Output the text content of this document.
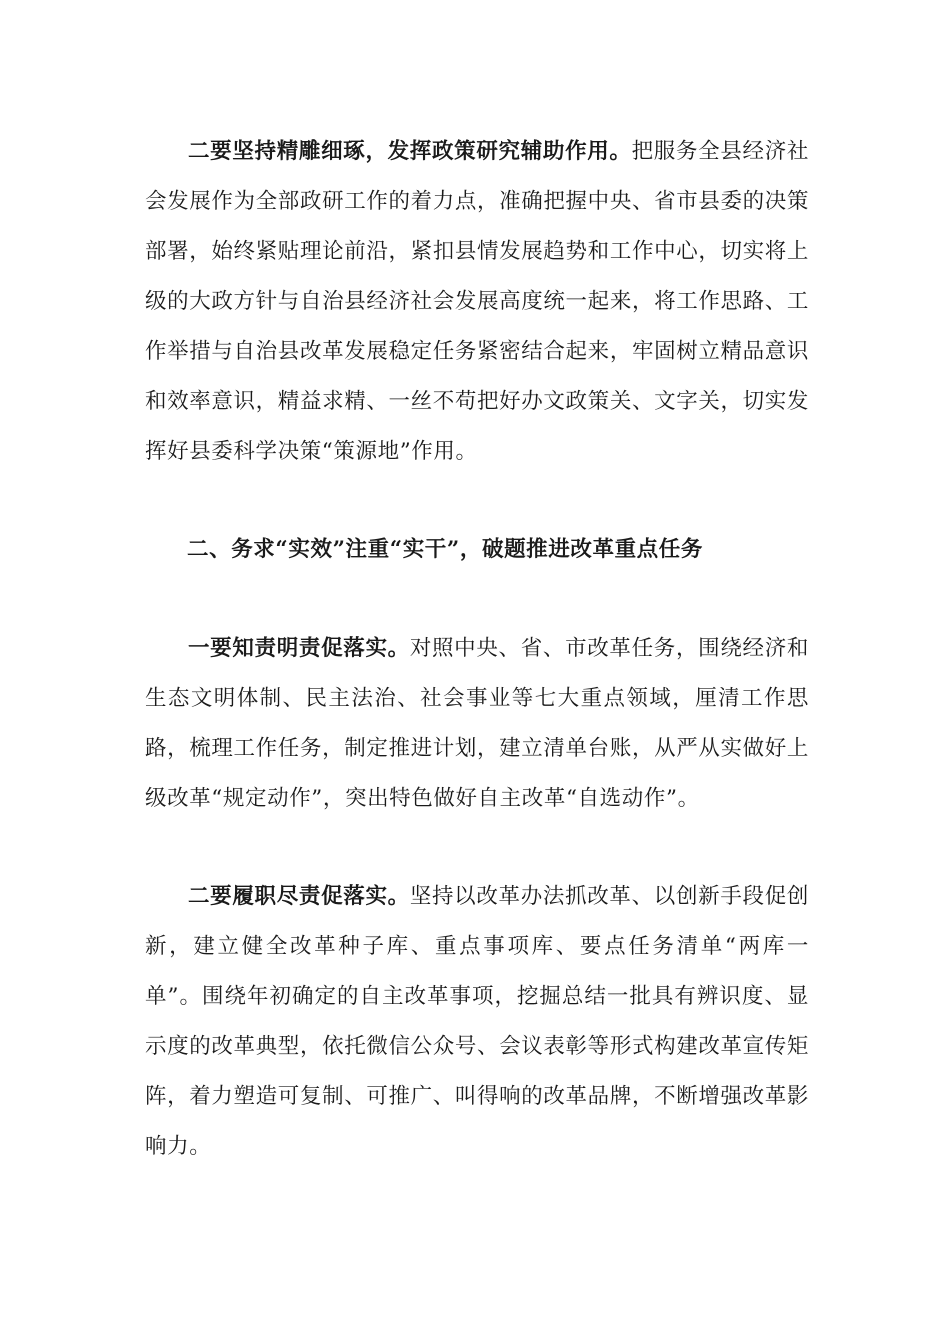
二要坚持精雕细琢，发挥政策研究辅助作用。把服务全县经济社会发展作为全部政研工作的着力点，准确把握中央、省市县委的决策部署，始终紧贴理论前沿，紧扣县情发展趋势和工作中心，切实将上级的大政方针与自治县经济社会发展高度统一起来，将工作思路、工作举措与自治县改革发展稳定任务紧密结合起来，牢固树立精品意识和效率意识，精益求精、一丝不苟把好办文政策关、文字关，切实发挥好县委科学决策“策源地”作用。

二、务求“实效”注重“实干”，破题推进改革重点任务

一要知责明责促落实。对照中央、省、市改革任务，围绕经济和生态文明体制、民主法治、社会事业等七大重点领域，厘清工作思路，梳理工作任务，制定推进计划，建立清单台账，从严从实做好上级改革“规定动作”，突出特色做好自主改革“自选动作”。

二要履职尽责促落实。坚持以改革办法抓改革、以创新手段促创新，建立健全改革种子库、重点事项库、要点任务清单“两库一单”。围绕年初确定的自主改革事项，挖掘总结一批具有辨识度、显示度的改革典型，依托微信公众号、会议表彰等形式构建改革宣传矩阵，着力塑造可复制、可推广、叫得响的改革品牌，不断增强改革影响力。
